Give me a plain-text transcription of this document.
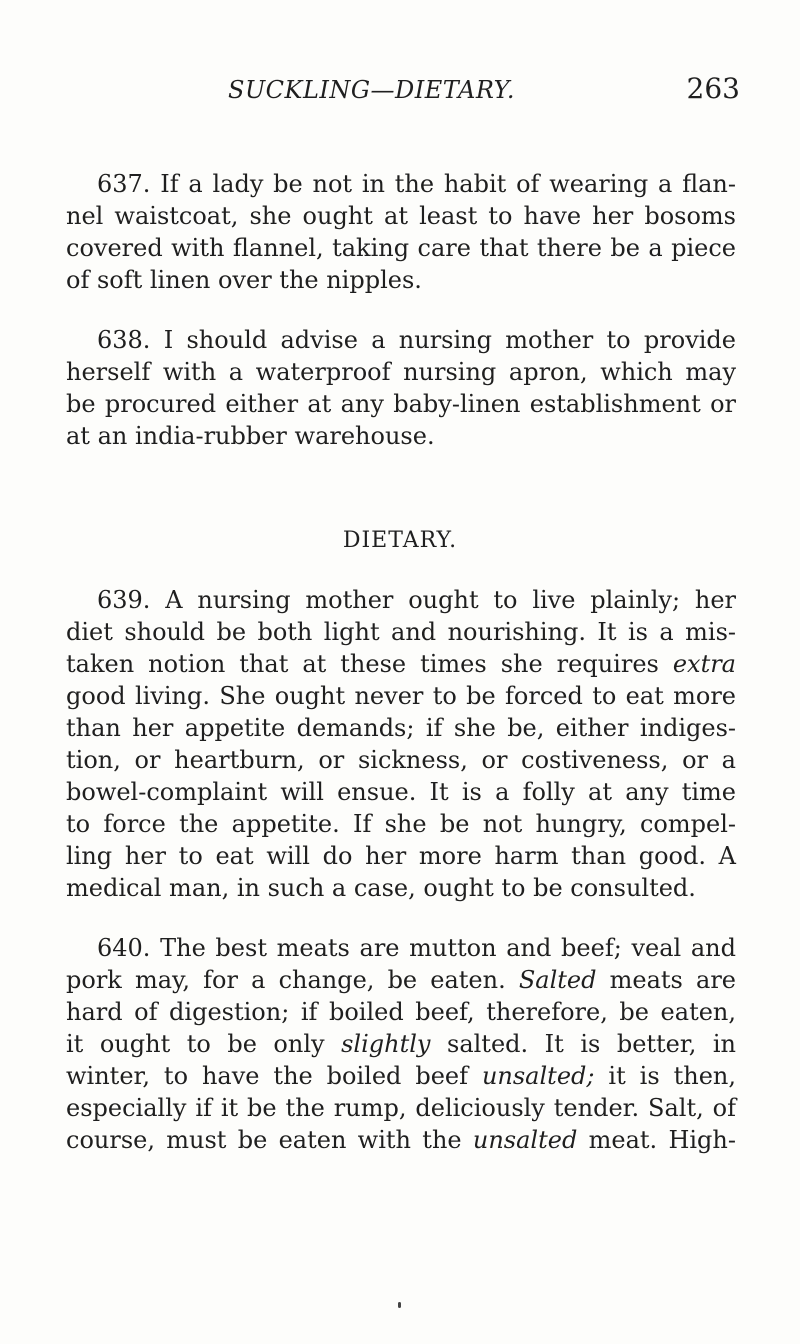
SUCKLING—DIETARY.	263
637. If a lady be not in the habit of wearing a flan-
nel waistcoat, she ought at least to have her bosoms
covered with flannel, taking care that there be a piece
of soft linen over the nipples.
638. I should advise a nursing mother to provide
herself with a waterproof nursing apron, which may
be procured either at any baby-linen establishment or
at an india-rubber warehouse.
DIETARY.
639. A nursing mother ought to live plainly; her
diet should be both light and nourishing. It is a mis-
taken notion that at these times she requires extra
good living. She ought never to be forced to eat more
than her appetite demands; if she be, either indiges-
tion, or heartburn, or sickness, or costiveness, or a
bowel-complaint will ensue. It is a folly at any time
to force the appetite. If she be not hungry, compel-
ling her to eat will do her more harm than good. A
medical man, in such a case, ought to be consulted.
640. The best meats are mutton and beef; veal and
pork may, for a change, be eaten. Salted meats are
hard of digestion; if boiled beef, therefore, be eaten,
it ought to be only slightly salted. It is better, in
winter, to have the boiled beef unsalted; it is then,
especially if it be the rump, deliciously tender. Salt, of
course, must be eaten with the unsalted meat. High-
